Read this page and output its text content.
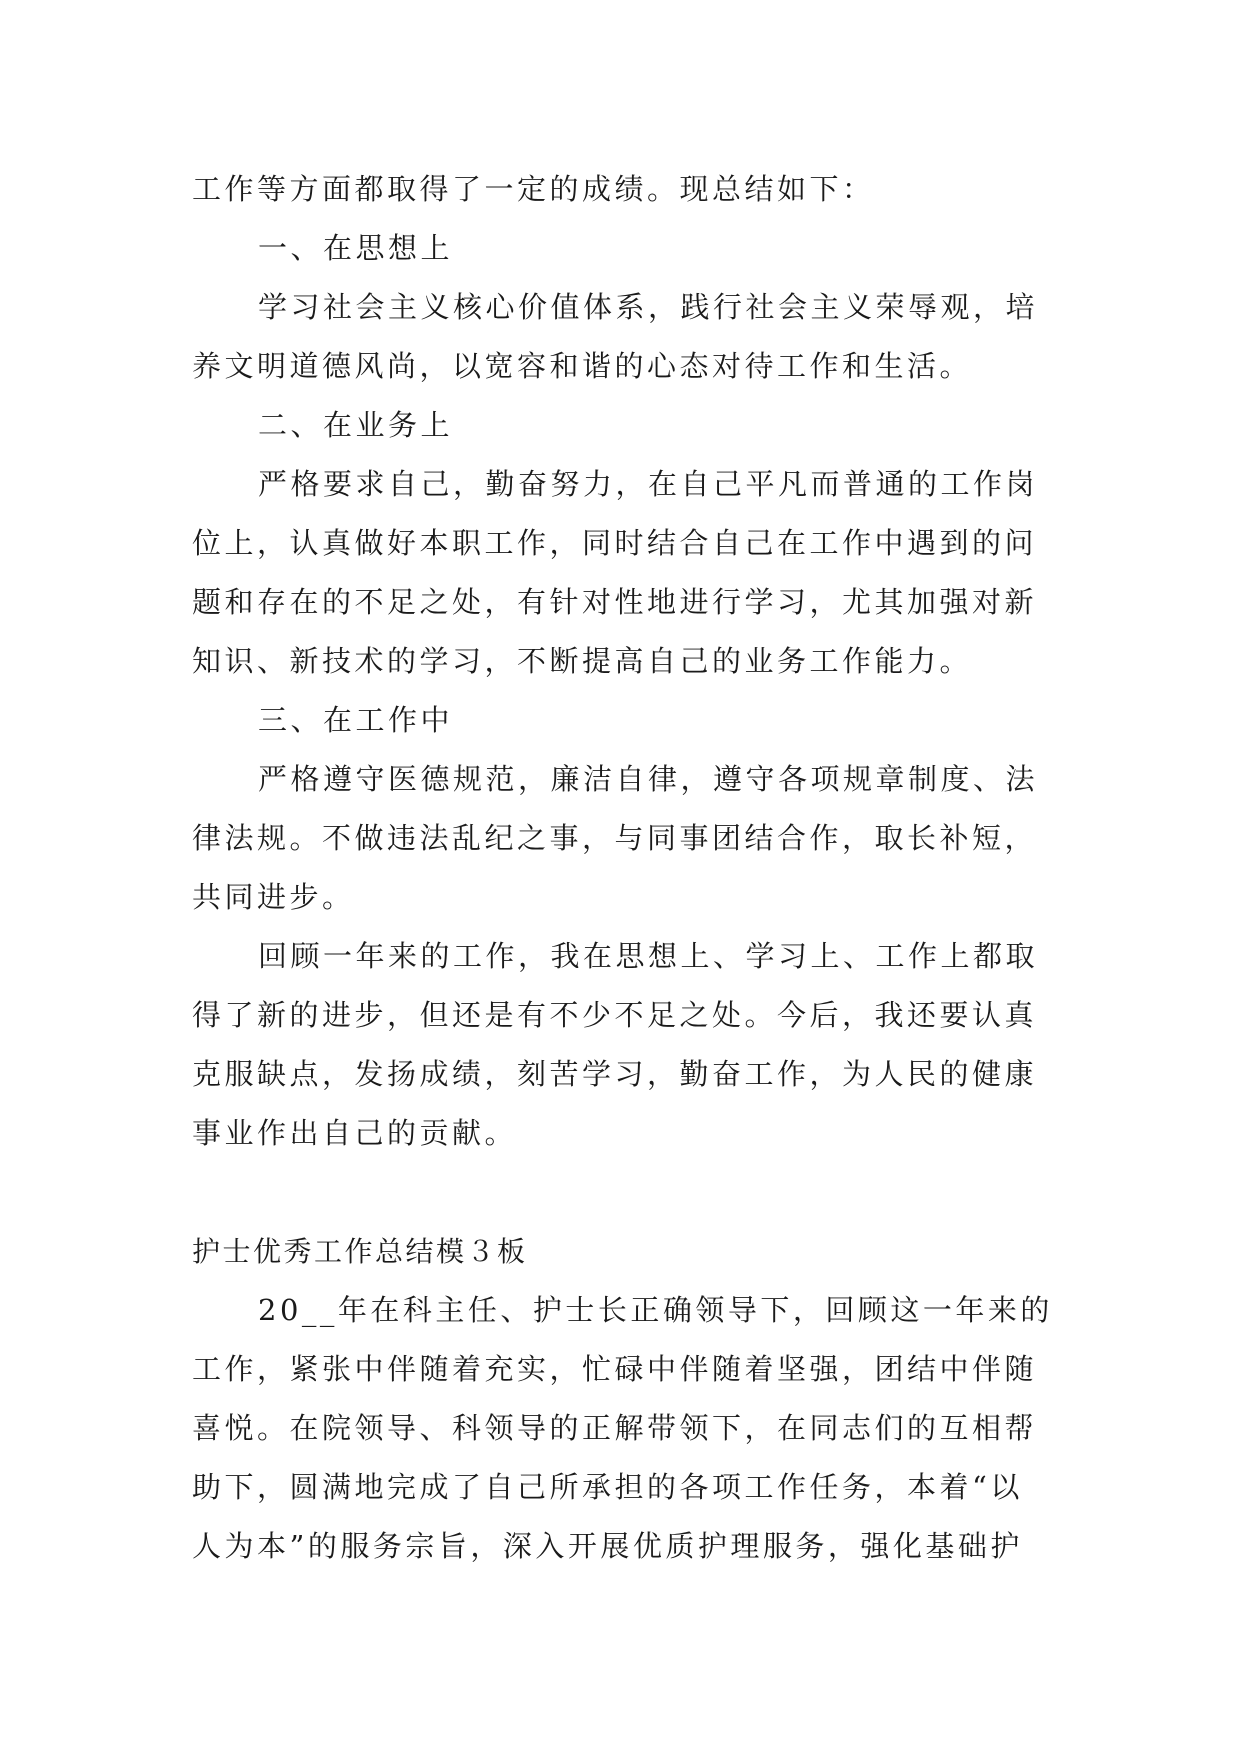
工作等方面都取得了一定的成绩。现总结如下：
一、在思想上
学习社会主义核心价值体系，践行社会主义荣辱观，培
养文明道德风尚，以宽容和谐的心态对待工作和生活。
二、在业务上
严格要求自己，勤奋努力，在自己平凡而普通的工作岗
位上，认真做好本职工作，同时结合自己在工作中遇到的问
题和存在的不足之处，有针对性地进行学习，尤其加强对新
知识、新技术的学习，不断提高自己的业务工作能力。
三、在工作中
严格遵守医德规范，廉洁自律，遵守各项规章制度、法
律法规。不做违法乱纪之事，与同事团结合作，取长补短，
共同进步。
回顾一年来的工作，我在思想上、学习上、工作上都取
得了新的进步，但还是有不少不足之处。今后，我还要认真
克服缺点，发扬成绩，刻苦学习，勤奋工作，为人民的健康
事业作出自己的贡献。
护士优秀工作总结模３板
20__年在科主任、护士长正确领导下，回顾这一年来的
工作，紧张中伴随着充实，忙碌中伴随着坚强，团结中伴随
喜悦。在院领导、科领导的正解带领下，在同志们的互相帮
助下，圆满地完成了自己所承担的各项工作任务，本着“以
人为本”的服务宗旨，深入开展优质护理服务，强化基础护
